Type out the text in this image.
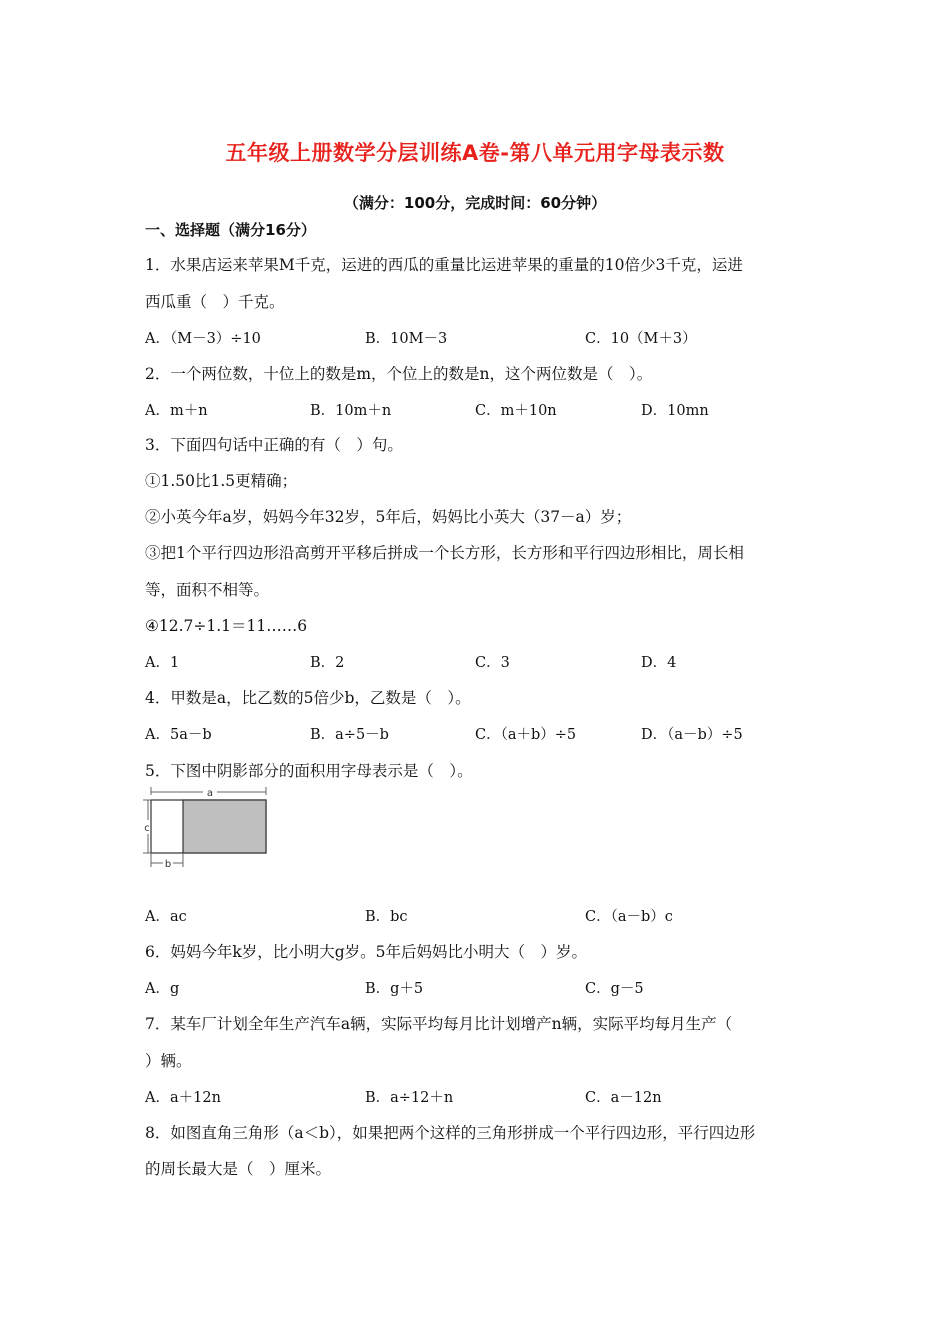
五年级上册数学分层训练A卷-第八单元用字母表示数
（满分：100分，完成时间：60分钟）
一、选择题（满分16分）
1．水果店运来苹果M千克，运进的西瓜的重量比运进苹果的重量的10倍少3千克，运进
西瓜重（　）千克。
A．（M－3）÷10	B．10M－3	C．10（M＋3）
2．一个两位数，十位上的数是m，个位上的数是n，这个两位数是（　）。
A．m＋n	B．10m＋n	C．m＋10n	D．10mn
3．下面四句话中正确的有（　）句。
①1.50比1.5更精确；
②小英今年a岁，妈妈今年32岁，5年后，妈妈比小英大（37－a）岁；
③把1个平行四边形沿高剪开平移后拼成一个长方形，长方形和平行四边形相比，周长相
等，面积不相等。
④12.7÷1.1＝11……6
A．1	B．2	C．3	D．4
4．甲数是a，比乙数的5倍少b，乙数是（　）。
A．5a－b	B．a÷5－b	C．（a＋b）÷5	D．（a－b）÷5
5．下图中阴影部分的面积用字母表示是（　）。
a
c
b
A．ac	B．bc	C．（a－b）c
6．妈妈今年k岁，比小明大g岁。5年后妈妈比小明大（　）岁。
A．g	B．g＋5	C．g－5
7．某车厂计划全年生产汽车a辆，实际平均每月比计划增产n辆，实际平均每月生产（
）辆。
A．a＋12n	B．a÷12＋n	C．a－12n
8．如图直角三角形（a＜b），如果把两个这样的三角形拼成一个平行四边形，平行四边形
的周长最大是（　）厘米。
